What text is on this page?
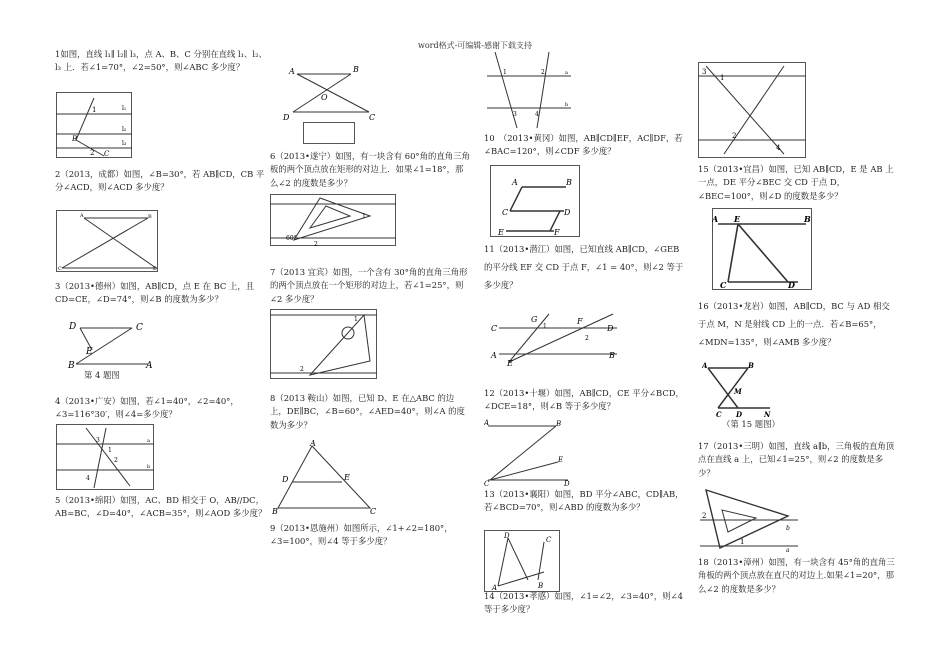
word格式-可编辑-感谢下载支持

1如图，直线 l₁∥ l₂∥ l₃，点 A、B、C 分别在直线 l₁、l₂、l₃ 上．若∠1=70°，∠2=50°，则∠ABC 多少度？

1	l₁
l₂
l₃
B
2 C

2（2013，成都）如图，∠B=30°，若 AB∥CD，CB 平分∠ACD，则∠ACD 多少度？

A	B
C	D

3（2013•德州）如图，AB∥CD，点 E 在 BC 上，且 CD=CE，∠D=74°，则∠B 的度数为多少？

D	C
E
B	A
第 4 题图

4（2013•广安）如图，若∠1=40°，∠2=40°，∠3=116°30′，则∠4=多少度？

3
1
2
4
a
b

5（2013•绵阳）如图，AC、BD 相交于 O，AB//DC，AB=BC，∠D=40°，∠ACB=35°，则∠AOD 多少度？

A	B
O
D	C

6（2013•遂宁）如图，有一块含有 60°角的直角三角板的两个顶点放在矩形的对边上．如果∠1=18°，那么∠2 的度数是多少？

60°
1
2

7（2013 宜宾）如图，一个含有 30°角的直角三角形的两个顶点放在一个矩形的对边上，若∠1=25°，则∠2 多少度？

1
2

8（2013 鞍山）如图，已知 D、E 在△ABC 的边上，DE∥BC，∠B=60°，∠AED=40°，则∠A 的度数为多少？

A
D	E
B	C

9（2013•恩施州）如图所示，∠1+∠2=180°，∠3=100°，则∠4 等于多少度？

1	2
3	4
a
b

10　（2013•黄冈）如图，AB∥CD∥EF，AC∥DF，若∠BAC=120°，则∠CDF 多少度？

A	B
C	D
E	F

11（2013•潜江）如图，已知直线 AB∥CD，∠GEB 的平分线 EF 交 CD 于点 F，∠1 = 40°，则∠2 等于多少度？

C
A
G
1
F
D
2
E
B

12（2013•十堰）如图，AB∥CD，CE 平分∠BCD，∠DCE=18°，则∠B 等于多少度？

A	B
E
C	D

13（2013•襄阳）如图，BD 平分∠ABC，CD∥AB，若∠BCD=70°，则∠ABD 的度数为多少？

D	C
A	B

14（2013•孝感）如图，∠1=∠2，∠3=40°，则∠4 等于多少度？

3
1
2
4

15（2013•宜昌）如图，已知 AB∥CD，E 是 AB 上一点，DE 平分∠BEC 交 CD 于点 D，∠BEC=100°，则∠D 的度数是多少？

A E	B
C	D

16（2013•龙岩）如图，AB∥CD，BC 与 AD 相交于点 M，N 是射线 CD 上的一点．若∠B=65°，∠MDN=135°，则∠AMB 多少度？

A	B
M
C D	N
（第 15 题图）

17（2013•三明）如图，直线 a∥b，三角板的直角顶点在直线 a 上，已知∠1=25°，则∠2 的度数是多少？

2
1
b
a

18（2013•漳州）如图，有一块含有 45°角的直角三角板的两个顶点放在直尺的对边上.如果∠1=20°，那么∠2 的度数是多少？
